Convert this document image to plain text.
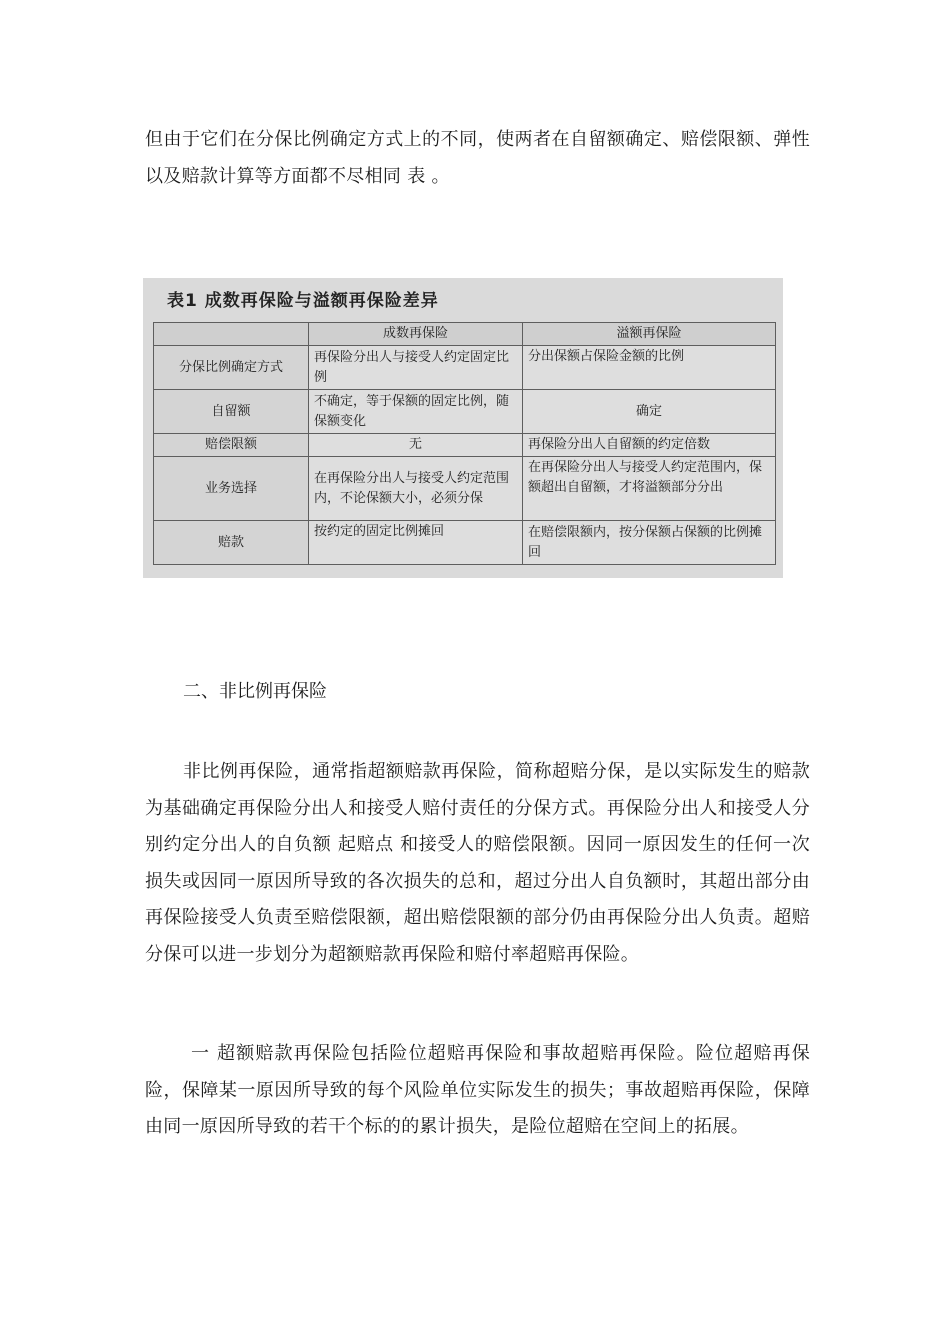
但由于它们在分保比例确定方式上的不同，使两者在自留额确定、赔偿限额、弹性以及赔款计算等方面都不尽相同 表 。

表1 成数再保险与溢额再保险差异
	成数再保险	溢额再保险
分保比例确定方式	再保险分出人与接受人约定固定比例	分出保额占保险金额的比例
自留额	不确定，等于保额的固定比例，随保额变化	确定
赔偿限额	无	再保险分出人自留额的约定倍数
业务选择	在再保险分出人与接受人约定范围内，不论保额大小，必须分保	在再保险分出人与接受人约定范围内，保额超出自留额，才将溢额部分分出
赔款	按约定的固定比例摊回	在赔偿限额内，按分保额占保额的比例摊回

二、非比例再保险

非比例再保险，通常指超额赔款再保险，简称超赔分保，是以实际发生的赔款为基础确定再保险分出人和接受人赔付责任的分保方式。再保险分出人和接受人分别约定分出人的自负额 起赔点 和接受人的赔偿限额。因同一原因发生的任何一次损失或因同一原因所导致的各次损失的总和，超过分出人自负额时，其超出部分由再保险接受人负责至赔偿限额，超出赔偿限额的部分仍由再保险分出人负责。超赔分保可以进一步划分为超额赔款再保险和赔付率超赔再保险。

一 超额赔款再保险包括险位超赔再保险和事故超赔再保险。险位超赔再保险，保障某一原因所导致的每个风险单位实际发生的损失；事故超赔再保险，保障由同一原因所导致的若干个标的的累计损失，是险位超赔在空间上的拓展。
